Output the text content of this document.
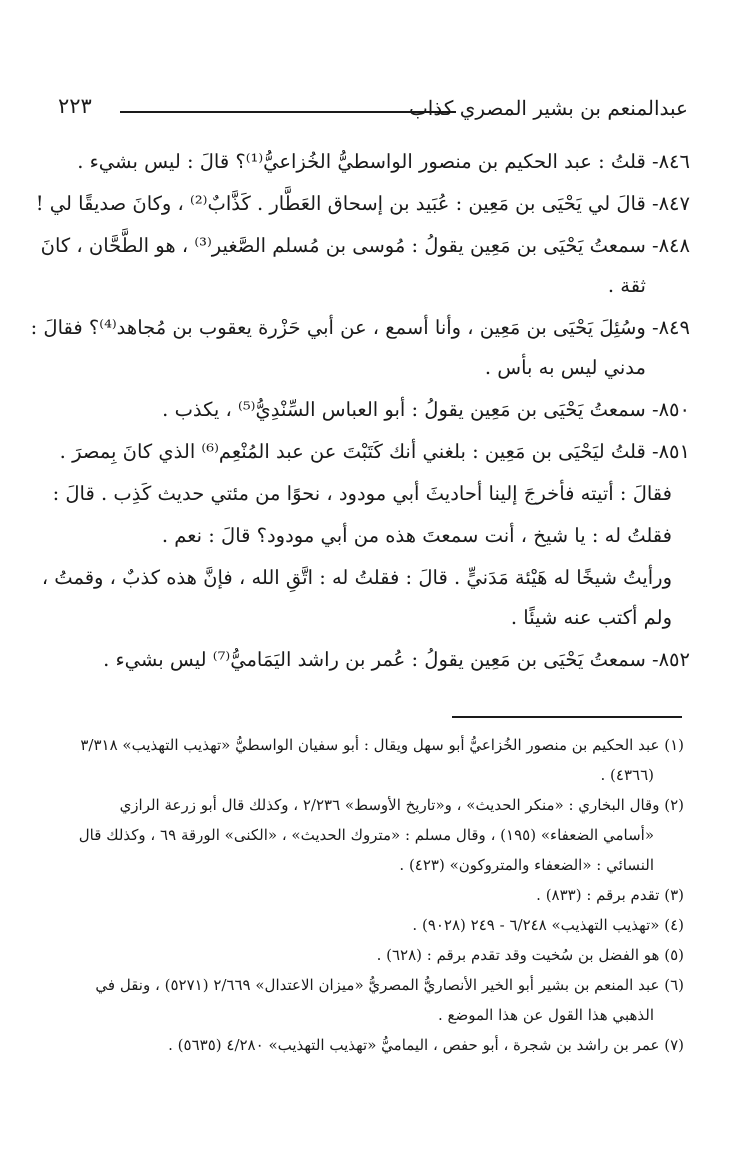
عبدالمنعم بن بشير المصري كذاب
٢٢٣
٨٤٦- قلتُ : عبد الحكيم بن منصور الواسطيُّ الخُزاعيُّ⁽¹⁾؟ قالَ : ليس بشيء .
٨٤٧- قالَ لي يَحْيَى بن مَعِين : عُبَيد بن إسحاق العَطَّار . كَذَّابٌ⁽²⁾ ، وكانَ صديقًا لي !
٨٤٨- سمعتُ يَحْيَى بن مَعِين يقولُ : مُوسى بن مُسلم الصَّغير⁽³⁾ ، هو الطَّحَّان ، كانَ
ثقة .
٨٤٩- وسُئِلَ يَحْيَى بن مَعِين ، وأنا أسمع ، عن أبي حَزْرة يعقوب بن مُجاهد⁽⁴⁾؟ فقالَ :
مدني ليس به بأس .
٨٥٠- سمعتُ يَحْيَى بن مَعِين يقولُ : أبو العباس السِّنْدِيُّ⁽⁵⁾ ، يكذب .
٨٥١- قلتُ ليَحْيَى بن مَعِين : بلغني أنك كَتَبْتَ عن عبد المُنْعِم⁽⁶⁾ الذي كانَ بِمصرَ .
فقالَ : أتيته فأخرجَ إلينا أحاديثَ أبي مودود ، نحوًا من مئتي حديث كَذِب . قالَ :
فقلتُ له : يا شيخ ، أنت سمعتَ هذه من أبي مودود؟ قالَ : نعم .
ورأيتُ شيخًا له هَيْئة مَدَنيٍّ . قالَ : فقلتُ له : اتَّقِ الله ، فإنَّ هذه كذبٌ ، وقمتُ ،
ولم أكتب عنه شيئًا .
٨٥٢- سمعتُ يَحْيَى بن مَعِين يقولُ : عُمر بن راشد اليَمَاميُّ⁽⁷⁾ ليس بشيء .
(١) عبد الحكيم بن منصور الخُزاعيُّ أبو سهل ويقال : أبو سفيان الواسطيُّ «تهذيب التهذيب» ٣/٣١٨
(٤٣٦٦) .
(٢) وقال البخاري : «منكر الحديث» ، و«تاريخ الأوسط» ٢/٢٣٦ ، وكذلك قال أبو زرعة الرازي
«أسامي الضعفاء» (١٩٥) ، وقال مسلم : «متروك الحديث» ، «الكنى» الورقة ٦٩ ، وكذلك قال
النسائي : «الضعفاء والمتروكون» (٤٢٣) .
(٣) تقدم برقم : (٨٣٣) .
(٤) «تهذيب التهذيب» ٦/٢٤٨ - ٢٤٩ (٩٠٢٨) .
(٥) هو الفضل بن سُخيت وقد تقدم برقم : (٦٢٨) .
(٦) عبد المنعم بن بشير أبو الخير الأنصاريُّ المصريُّ «ميزان الاعتدال» ٢/٦٦٩ (٥٢٧١) ، ونقل في
الذهبي هذا القول عن هذا الموضع .
(٧) عمر بن راشد بن شجرة ، أبو حفص ، اليماميُّ «تهذيب التهذيب» ٤/٢٨٠ (٥٦٣٥) .
